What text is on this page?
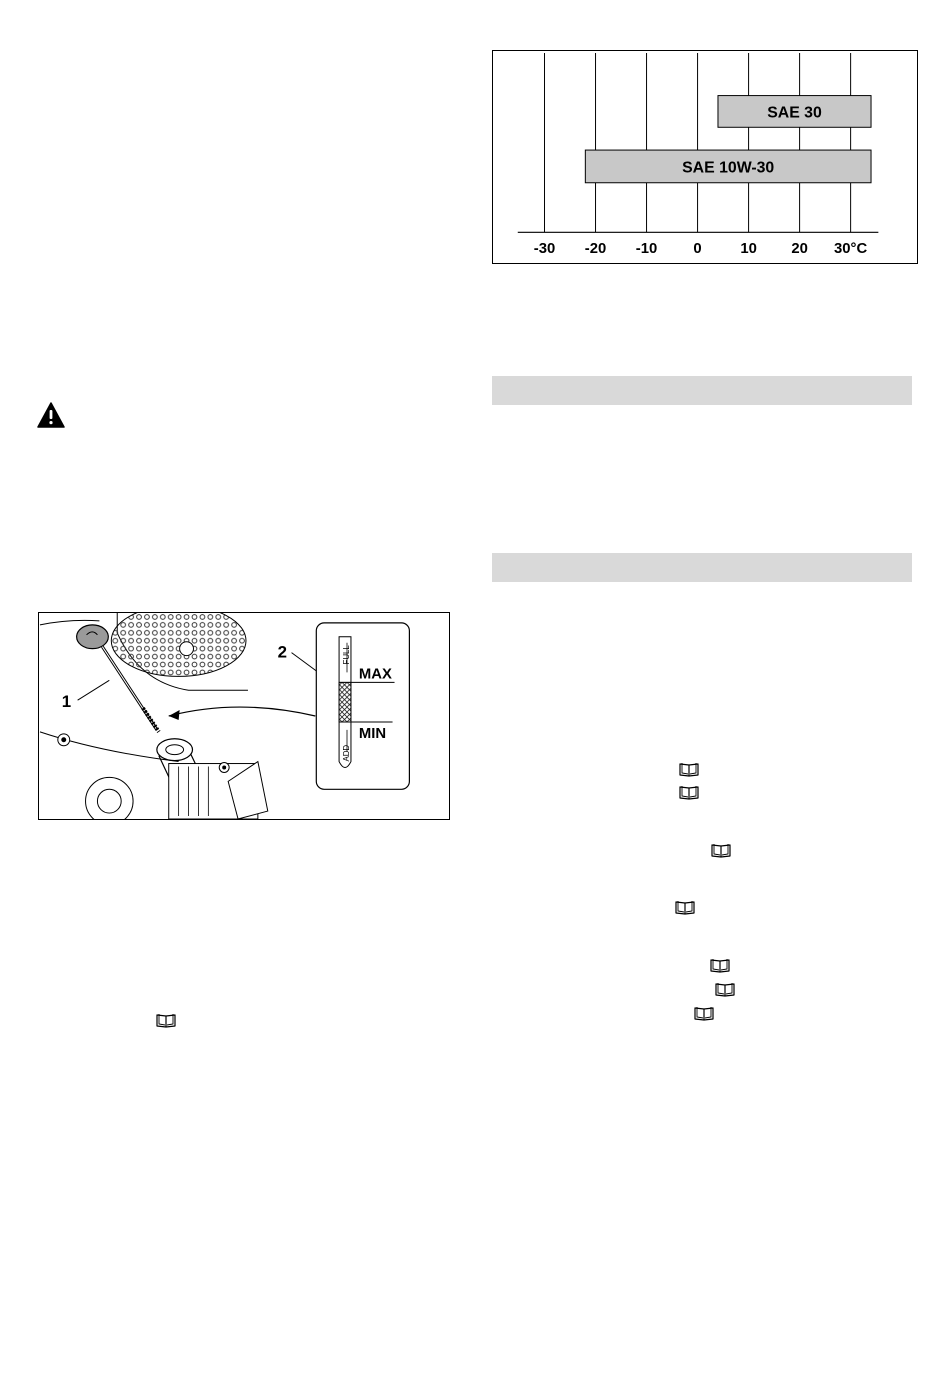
-30 -20 -10 0	10 20 30°C
SAE 30
SAE 10W-30
1
2	FULL
ADD
MAX
MIN
